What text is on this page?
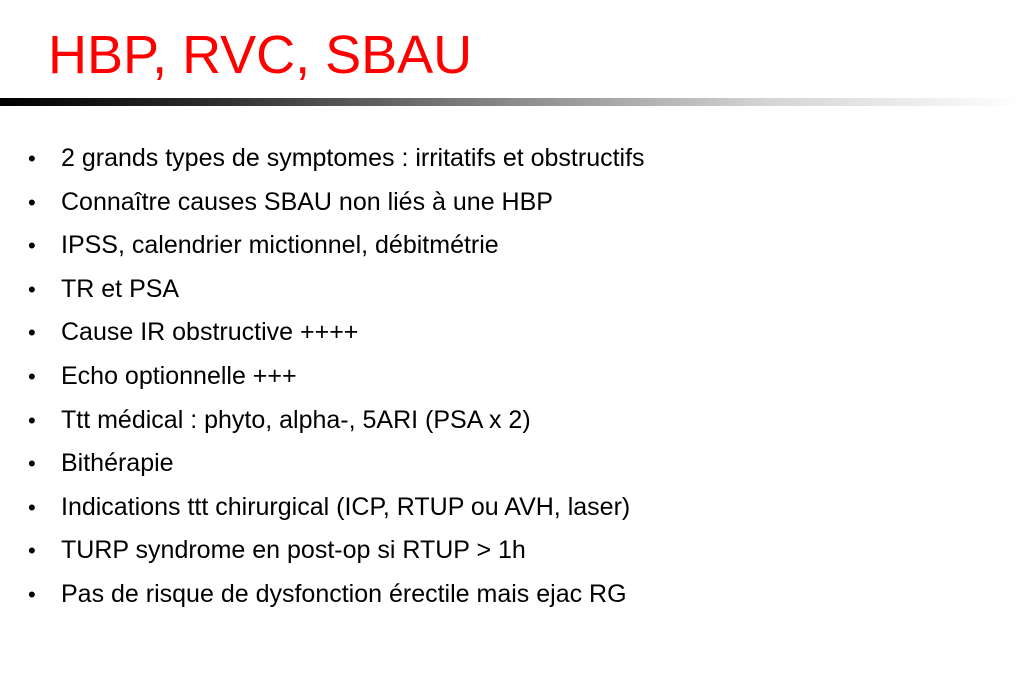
HBP, RVC, SBAU
• 2 grands types de symptomes : irritatifs et obstructifs
• Connaître causes SBAU non liés à une HBP
• IPSS, calendrier mictionnel, débitmétrie
• TR et PSA
• Cause IR obstructive ++++
• Echo optionnelle +++
• Ttt médical : phyto, alpha-, 5ARI (PSA x 2)
• Bithérapie
• Indications ttt chirurgical (ICP, RTUP ou AVH, laser)
• TURP syndrome en post-op si RTUP > 1h
• Pas de risque de dysfonction érectile mais ejac RG
